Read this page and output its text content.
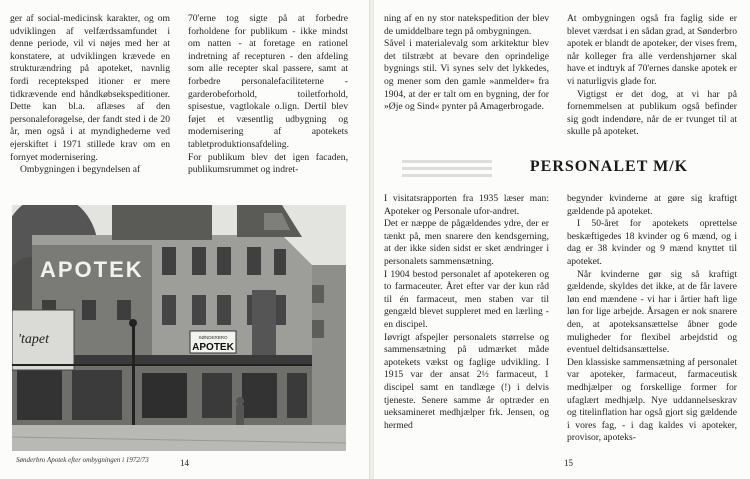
ger af social-medicinsk karakter, og om udviklingen af velfærdssamfundet i denne periode, vil vi nøjes med her at konstatere, at udviklingen krævede en strukturændring på apoteket, navnlig fordi recepteksped itioner er mere tidkrævende end håndkøbsekspeditioner. Dette kan bl.a. aflæses af den personaleforøgelse, der fandt sted i de 20 år, men også i at myndighederne ved ejerskiftet i 1971 stillede krav om en fornyet modernisering.

Ombygningen i begyndelsen af

70'erne tog sigte på at forbedre forholdene for publikum - ikke mindst om natten - at foretage en rationel indretning af recepturen - den afdeling som alle recepter skal passere, samt at forbedre personalefaciliteterne - garderobeforhold, toiletforhold, spisestue, vagtlokale o.lign. Dertil blev føjet et væsentlig udbygning og modernisering af apotekets tabletproduktionsafdeling.

For publikum blev det igen facaden, publikumsrummet og indret-

APOTEK
SØNDERBRO
APOTEK
'tapet
Sønderbro Apotek efter ombygningen i 1972/73	14

ning af en ny stor natekspedition der blev de umiddelbare tegn på ombygningen.

Såvel i materialevalg som arkitektur blev det tilstræbt at bevare den oprindelige bygnings stil. Vi synes selv det lykkedes, og mener som den gamle »anmelder« fra 1904, at der er talt om en bygning, der for »Øje og Sind« pynter på Amagerbrogade.

At ombygningen også fra faglig side er blevet værdsat i en sådan grad, at Sønderbro apotek er blandt de apoteker, der vises frem, når kolleger fra alle verdenshjørner skal have et indtryk af 70'ernes danske apotek er vi naturligvis glade for.

Vigtigst er det dog, at vi har på fornemmelsen at publikum også befinder sig godt indendøre, når de er tvunget til at skulle på apoteket.

PERSONALET M/K

I visitatsrapporten fra 1935 læser man: Apoteker og Personale ufor-andret.

Det er næppe de pågældendes ydre, der er tænkt på, men snarere den kendsgerning, at der ikke siden sidst er sket ændringer i personalets sammensætning.

I 1904 bestod personalet af apotekeren og to farmaceuter. Året efter var der kun råd til én farmaceut, men staben var til gengæld blevet suppleret med en lærling - en discipel.

Iøvrigt afspejler personalets størrelse og sammensætning på udmærket måde apotekets vækst og faglige udvikling. I 1915 var der ansat 2½ farmaceut, 1 discipel samt en tandlæge (!) i delvis tjeneste. Senere samme år optræder en ueksamineret medhjælper frk. Jensen, og hermed

begynder kvinderne at gøre sig kraftigt gældende på apoteket.

I 50-året for apotekets oprettelse beskæftigedes 18 kvinder og 6 mænd, og i dag er 38 kvinder og 9 mænd knyttet til apoteket.

Når kvinderne gør sig så kraftigt gældende, skyldes det ikke, at de får lavere løn end mændene - vi har i årtier haft lige løn for lige arbejde. Årsagen er nok snarere den, at apoteksansættelse åbner gode muligheder for flexibel arbejdstid og eventuel deltidsansættelse.

Den klassiske sammensætning af personalet var apoteker, farmaceut, farmaceutisk medhjælper og forskellige former for ufaglært medhjælp. Nye uddannelseskrav og titelinflation har også gjort sig gældende i vores fag, - i dag kaldes vi apoteker, provisor, apoteks-

15
